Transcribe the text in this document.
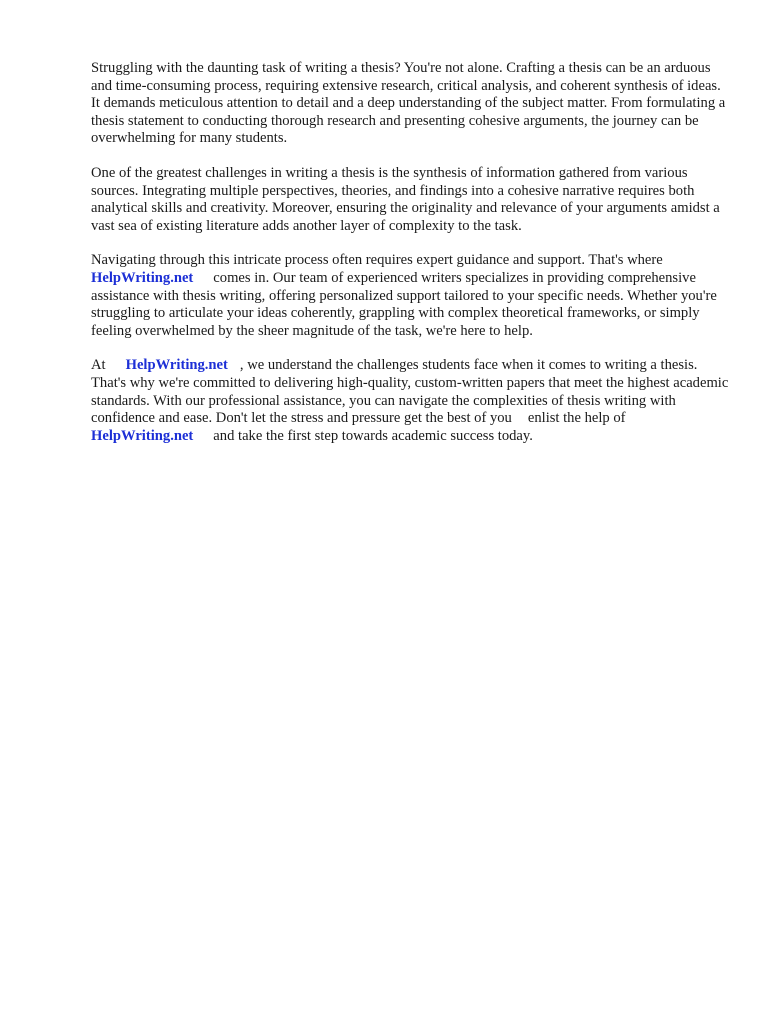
Struggling with the daunting task of writing a thesis? You're not alone. Crafting a thesis can be an arduous and time-consuming process, requiring extensive research, critical analysis, and coherent synthesis of ideas. It demands meticulous attention to detail and a deep understanding of the subject matter. From formulating a thesis statement to conducting thorough research and presenting cohesive arguments, the journey can be overwhelming for many students.

One of the greatest challenges in writing a thesis is the synthesis of information gathered from various sources. Integrating multiple perspectives, theories, and findings into a cohesive narrative requires both analytical skills and creativity. Moreover, ensuring the originality and relevance of your arguments amidst a vast sea of existing literature adds another layer of complexity to the task.

Navigating through this intricate process often requires expert guidance and support. That's where HelpWriting.net comes in. Our team of experienced writers specializes in providing comprehensive assistance with thesis writing, offering personalized support tailored to your specific needs. Whether you're struggling to articulate your ideas coherently, grappling with complex theoretical frameworks, or simply feeling overwhelmed by the sheer magnitude of the task, we're here to help.

At HelpWriting.net , we understand the challenges students face when it comes to writing a thesis. That's why we're committed to delivering high-quality, custom-written papers that meet the highest academic standards. With our professional assistance, you can navigate the complexities of thesis writing with confidence and ease. Don't let the stress and pressure get the best of you enlist the help ofHelpWriting.net and take the first step towards academic success today.
